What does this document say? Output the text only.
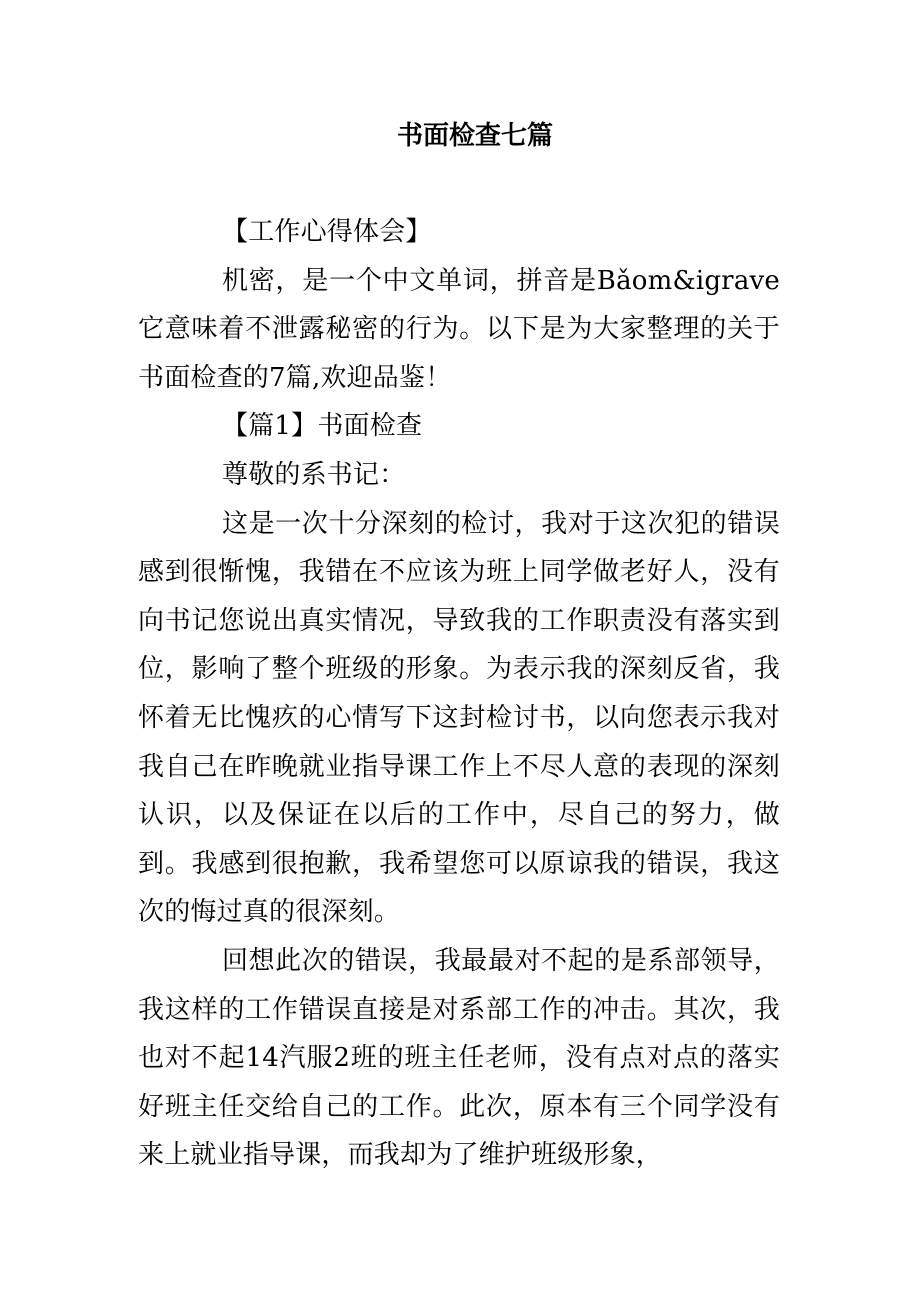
书面检查七篇

【工作心得体会】

机密，是一个中文单词，拼音是Bǎom&igrave它意味着不泄露秘密的行为。以下是为大家整理的关于书面检查的7篇,欢迎品鉴！

【篇1】书面检查

尊敬的系书记：

这是一次十分深刻的检讨，我对于这次犯的错误感到很惭愧，我错在不应该为班上同学做老好人，没有向书记您说出真实情况，导致我的工作职责没有落实到位，影响了整个班级的形象。为表示我的深刻反省，我怀着无比愧疚的心情写下这封检讨书，以向您表示我对我自己在昨晚就业指导课工作上不尽人意的表现的深刻认识，以及保证在以后的工作中，尽自己的努力，做到。我感到很抱歉，我希望您可以原谅我的错误，我这次的悔过真的很深刻。

回想此次的错误，我最最对不起的是系部领导，我这样的工作错误直接是对系部工作的冲击。其次，我也对不起14汽服2班的班主任老师，没有点对点的落实好班主任交给自己的工作。此次，原本有三个同学没有来上就业指导课，而我却为了维护班级形象，
